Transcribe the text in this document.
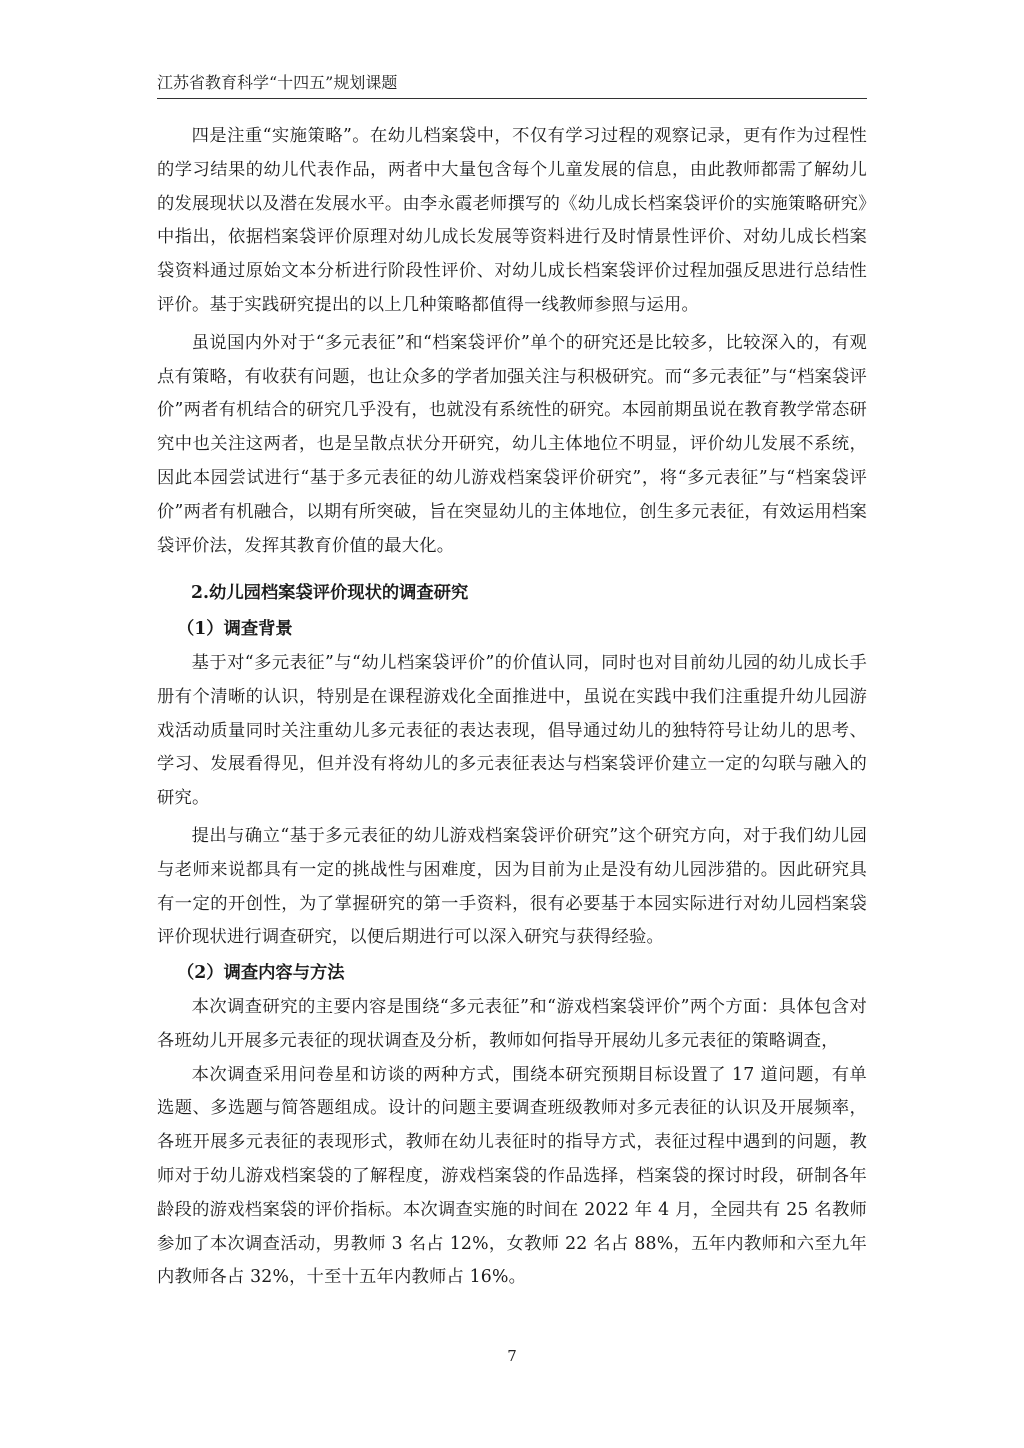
江苏省教育科学“十四五”规划课题

四是注重“实施策略”。在幼儿档案袋中，不仅有学习过程的观察记录，更有作为过程性的学习结果的幼儿代表作品，两者中大量包含每个儿童发展的信息，由此教师都需了解幼儿的发展现状以及潜在发展水平。由李永霞老师撰写的《幼儿成长档案袋评价的实施策略研究》中指出，依据档案袋评价原理对幼儿成长发展等资料进行及时情景性评价、对幼儿成长档案袋资料通过原始文本分析进行阶段性评价、对幼儿成长档案袋评价过程加强反思进行总结性评价。基于实践研究提出的以上几种策略都值得一线教师参照与运用。

虽说国内外对于“多元表征”和“档案袋评价”单个的研究还是比较多，比较深入的，有观点有策略，有收获有问题，也让众多的学者加强关注与积极研究。而“多元表征”与“档案袋评价”两者有机结合的研究几乎没有，也就没有系统性的研究。本园前期虽说在教育教学常态研究中也关注这两者，也是呈散点状分开研究，幼儿主体地位不明显，评价幼儿发展不系统，因此本园尝试进行“基于多元表征的幼儿游戏档案袋评价研究”，将“多元表征”与“档案袋评价”两者有机融合，以期有所突破，旨在突显幼儿的主体地位，创生多元表征，有效运用档案袋评价法，发挥其教育价值的最大化。

2.幼儿园档案袋评价现状的调查研究
（1）调查背景

基于对“多元表征”与“幼儿档案袋评价”的价值认同，同时也对目前幼儿园的幼儿成长手册有个清晰的认识，特别是在课程游戏化全面推进中，虽说在实践中我们注重提升幼儿园游戏活动质量同时关注重幼儿多元表征的表达表现，倡导通过幼儿的独特符号让幼儿的思考、学习、发展看得见，但并没有将幼儿的多元表征表达与档案袋评价建立一定的勾联与融入的研究。

提出与确立“基于多元表征的幼儿游戏档案袋评价研究”这个研究方向，对于我们幼儿园与老师来说都具有一定的挑战性与困难度，因为目前为止是没有幼儿园涉猎的。因此研究具有一定的开创性，为了掌握研究的第一手资料，很有必要基于本园实际进行对幼儿园档案袋评价现状进行调查研究，以便后期进行可以深入研究与获得经验。

（2）调查内容与方法

本次调查研究的主要内容是围绕“多元表征”和“游戏档案袋评价”两个方面：具体包含对各班幼儿开展多元表征的现状调查及分析，教师如何指导开展幼儿多元表征的策略调查，

本次调查采用问卷星和访谈的两种方式，围绕本研究预期目标设置了 17 道问题，有单选题、多选题与简答题组成。设计的问题主要调查班级教师对多元表征的认识及开展频率，各班开展多元表征的表现形式，教师在幼儿表征时的指导方式，表征过程中遇到的问题，教师对于幼儿游戏档案袋的了解程度，游戏档案袋的作品选择，档案袋的探讨时段，研制各年龄段的游戏档案袋的评价指标。本次调查实施的时间在 2022 年 4 月，全园共有 25 名教师参加了本次调查活动，男教师 3 名占 12%，女教师 22 名占 88%，五年内教师和六至九年内教师各占 32%，十至十五年内教师占 16%。

7
